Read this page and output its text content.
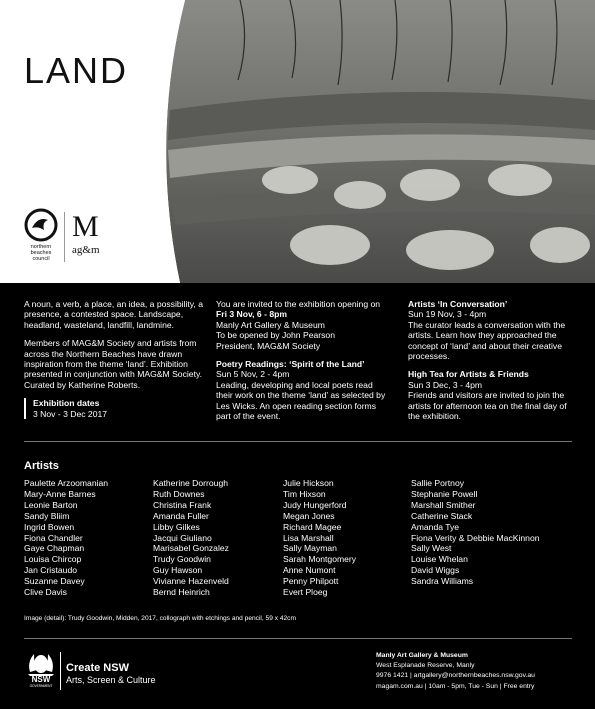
LAND
northern
beaches
council
M
ag&m

A noun, a verb, a place, an idea, a possibility, a presence, a contested space. Landscape, headland, wasteland, landfill, landmine.

Members of MAG&M Society and artists from across the Northern Beaches have drawn inspiration from the theme ‘land’. Exhibition presented in conjunction with MAG&M Society. Curated by Katherine Roberts.

Exhibition dates
3 Nov - 3 Dec 2017

You are invited to the exhibition opening on
Fri 3 Nov, 6 - 8pm
Manly Art Gallery & Museum
To be opened by John Pearson
President, MAG&M Society

Poetry Readings: ‘Spirit of the Land’
Sun 5 Nov, 2 - 4pm
Leading, developing and local poets read their work on the theme ‘land’ as selected by Les Wicks. An open reading section forms part of the event.

Artists ‘In Conversation’
Sun 19 Nov, 3 - 4pm
The curator leads a conversation with the artists. Learn how they approached the concept of ‘land’ and about their creative processes.

High Tea for Artists & Friends
Sun 3 Dec, 3 - 4pm
Friends and visitors are invited to join the artists for afternoon tea on the final day of the exhibition.

Artists
Paulette Arzoomanian
Mary-Anne Barnes
Leonie Barton
Sandy Bliim
Ingrid Bowen
Fiona Chandler
Gaye Chapman
Louisa Chircop
Jan Cristaudo
Suzanne Davey
Clive Davis
Katherine Dorrough
Ruth Downes
Christina Frank
Amanda Fuller
Libby Gilkes
Jacqui Giuliano
Marisabel Gonzalez
Trudy Goodwin
Guy Hawson
Vivianne Hazenveld
Bernd Heinrich
Julie Hickson
Tim Hixson
Judy Hungerford
Megan Jones
Richard Magee
Lisa Marshall
Sally Mayman
Sarah Montgomery
Anne Numont
Penny Philpott
Evert Ploeg
Sallie Portnoy
Stephanie Powell
Marshall Smither
Catherine Stack
Amanda Tye
Fiona Verity & Debbie MacKinnon
Sally West
Louise Whelan
David Wiggs
Sandra Williams
Image (detail): Trudy Goodwin, Midden, 2017, collograph with etchings and pencil, 59 x 42cm
NSW
GOVERNMENT
Create NSW
Arts, Screen & Culture
Manly Art Gallery & Museum
West Esplanade Reserve, Manly
9976 1421 | artgallery@northernbeaches.nsw.gov.au
magam.com.au | 10am - 5pm, Tue - Sun | Free entry
